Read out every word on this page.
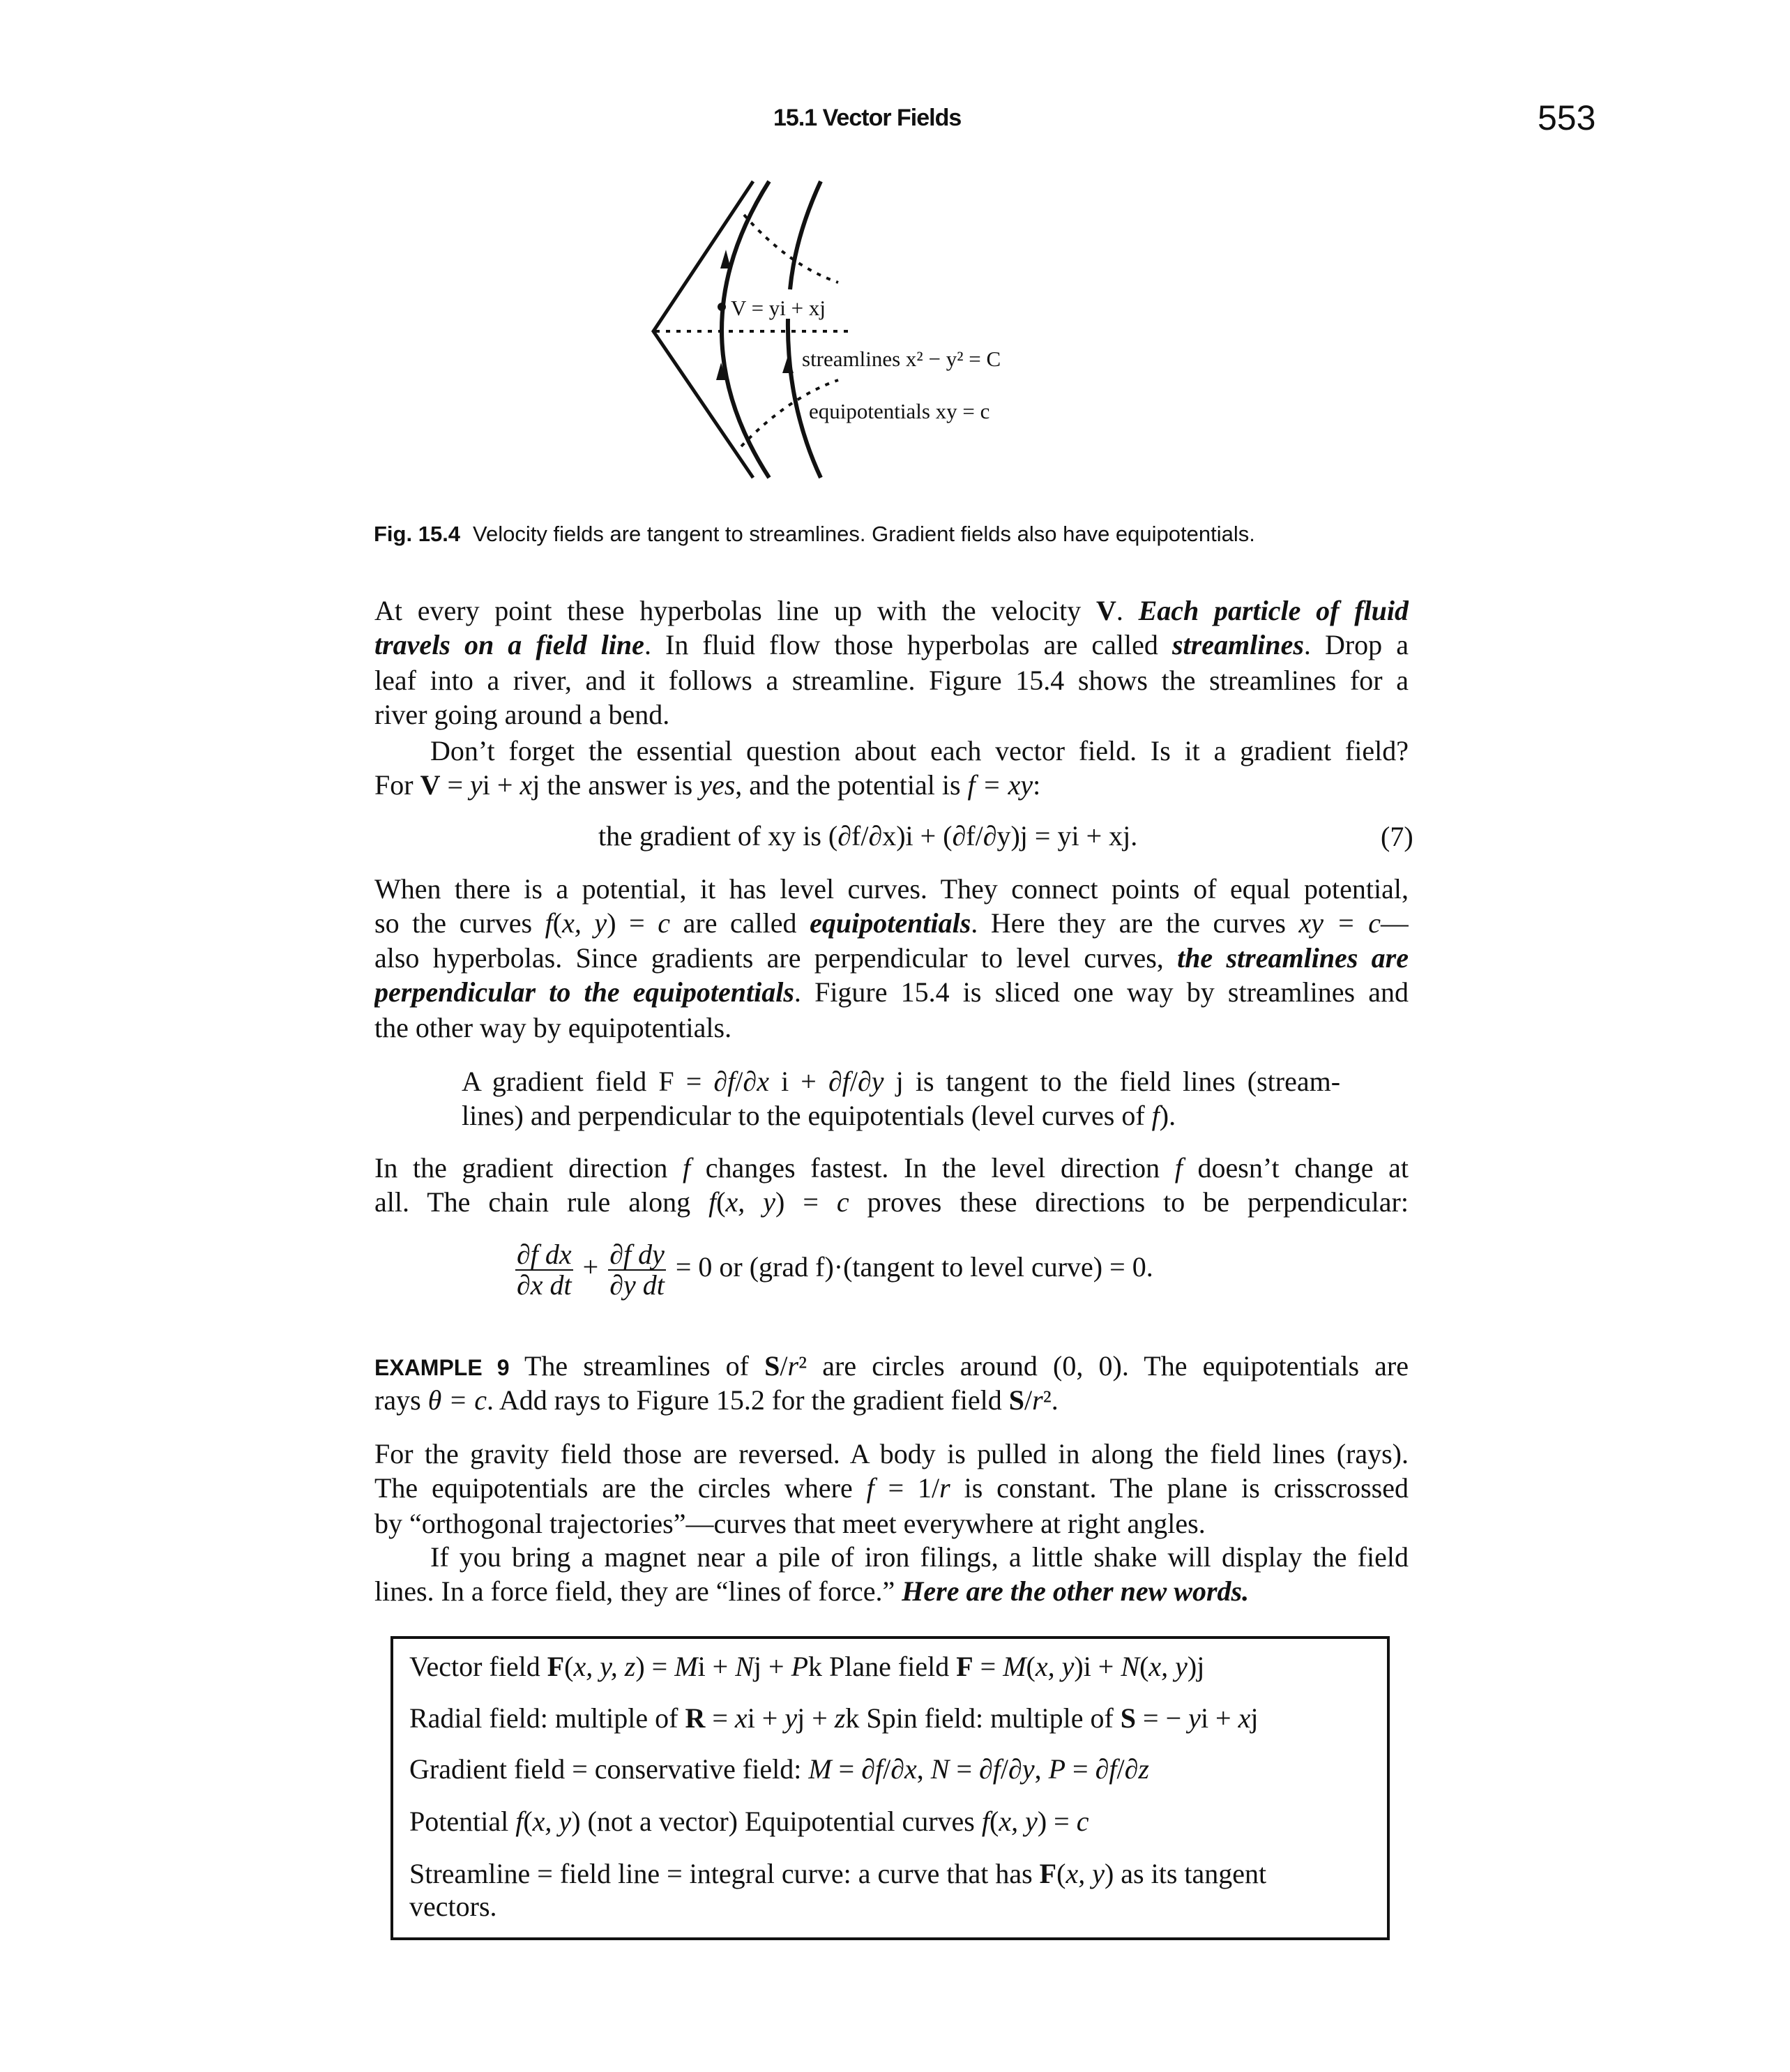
15.1 Vector Fields	553
V = yi + xj
streamlines x² − y² = C
equipotentials xy = c
Fig. 15.4 Velocity fields are tangent to streamlines. Gradient fields also have equipotentials.
At every point these hyperbolas line up with the velocity V. Each particle of fluid
travels on a field line. In fluid flow those hyperbolas are called streamlines. Drop a
leaf into a river, and it follows a streamline. Figure 15.4 shows the streamlines for a
river going around a bend.
  Don’t forget the essential question about each vector field. Is it a gradient field?
For V = yi + xj the answer is yes, and the potential is f = xy:
When there is a potential, it has level curves. They connect points of equal potential,
so the curves f(x, y) = c are called equipotentials. Here they are the curves xy = c—
also hyperbolas. Since gradients are perpendicular to level curves, the streamlines are
perpendicular to the equipotentials. Figure 15.4 is sliced one way by streamlines and
the other way by equipotentials.
A gradient field F = ∂f/∂x i + ∂f/∂y j is tangent to the field lines (stream-
lines) and perpendicular to the equipotentials (level curves of f).
In the gradient direction f changes fastest. In the level direction f doesn’t change at
all. The chain rule along f(x, y) = c proves these directions to be perpendicular:
EXAMPLE 9 The streamlines of S/r² are circles around (0, 0). The equipotentials are
rays θ = c. Add rays to Figure 15.2 for the gradient field S/r².
For the gravity field those are reversed. A body is pulled in along the field lines (rays).
The equipotentials are the circles where f = 1/r is constant. The plane is crisscrossed
by “orthogonal trajectories”—curves that meet everywhere at right angles.
  If you bring a magnet near a pile of iron filings, a little shake will display the field
lines. In a force field, they are “lines of force.” Here are the other new words.
the gradient of xy is (∂f/∂x)i + (∂f/∂y)j = yi + xj.	(7)
$\frac{\text{∂f dx}}{\text{∂x dt}} + \frac{\text{∂f dy}}{\text{∂y dt}} = 0$ or (grad f)·(tangent to level curve) = 0.
Vector field F(x, y, z) = Mi + Nj + Pk Plane field F = M(x, y)i + N(x, y)j
Radial field: multiple of R = xi + yj + zk Spin field: multiple of S = − yi + xj
Gradient field = conservative field: M = ∂f/∂x, N = ∂f/∂y, P = ∂f/∂z
Potential f(x, y) (not a vector) Equipotential curves f(x, y) = c
Streamline = field line = integral curve: a curve that has F(x, y) as its tangent
vectors.
